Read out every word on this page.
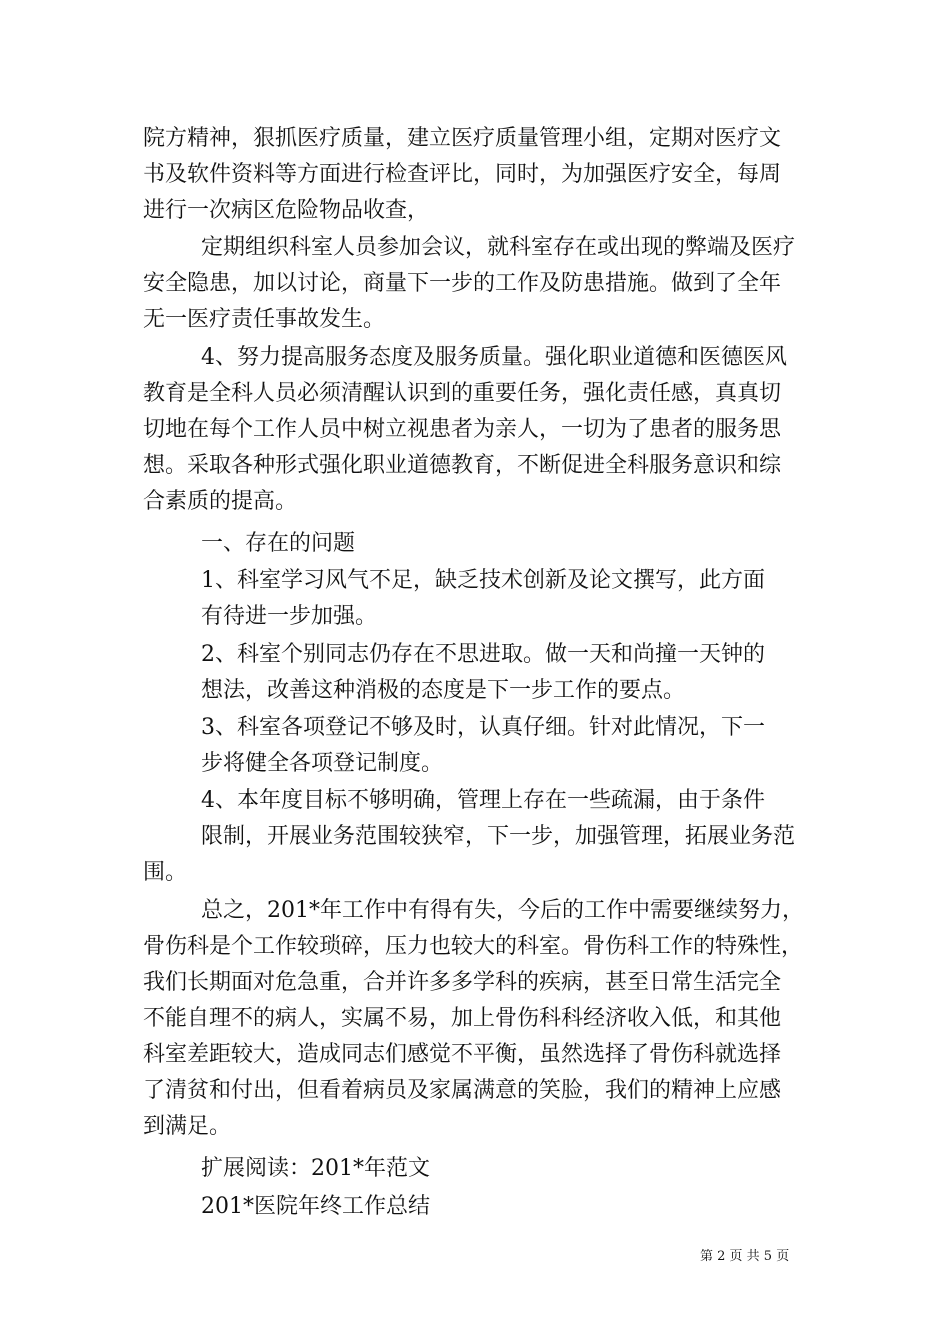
院方精神，狠抓医疗质量，建立医疗质量管理小组，定期对医疗文
书及软件资料等方面进行检查评比，同时，为加强医疗安全，每周
进行一次病区危险物品收查，
定期组织科室人员参加会议，就科室存在或出现的弊端及医疗
安全隐患，加以讨论，商量下一步的工作及防患措施。做到了全年
无一医疗责任事故发生。
4、努力提高服务态度及服务质量。强化职业道德和医德医风
教育是全科人员必须清醒认识到的重要任务，强化责任感，真真切
切地在每个工作人员中树立视患者为亲人，一切为了患者的服务思
想。采取各种形式强化职业道德教育，不断促进全科服务意识和综
合素质的提高。
一、存在的问题
1、科室学习风气不足，缺乏技术创新及论文撰写，此方面
有待进一步加强。
2、科室个别同志仍存在不思进取。做一天和尚撞一天钟的
想法，改善这种消极的态度是下一步工作的要点。
3、科室各项登记不够及时，认真仔细。针对此情况，下一
步将健全各项登记制度。
4、本年度目标不够明确，管理上存在一些疏漏，由于条件
限制，开展业务范围较狭窄，下一步，加强管理，拓展业务范
围。
总之，201*年工作中有得有失，今后的工作中需要继续努力，
骨伤科是个工作较琐碎，压力也较大的科室。骨伤科工作的特殊性，
我们长期面对危急重，合并许多多学科的疾病，甚至日常生活完全
不能自理不的病人，实属不易，加上骨伤科科经济收入低，和其他
科室差距较大，造成同志们感觉不平衡，虽然选择了骨伤科就选择
了清贫和付出，但看着病员及家属满意的笑脸，我们的精神上应感
到满足。
扩展阅读：201*年范文
201*医院年终工作总结
第 2 页 共 5 页
